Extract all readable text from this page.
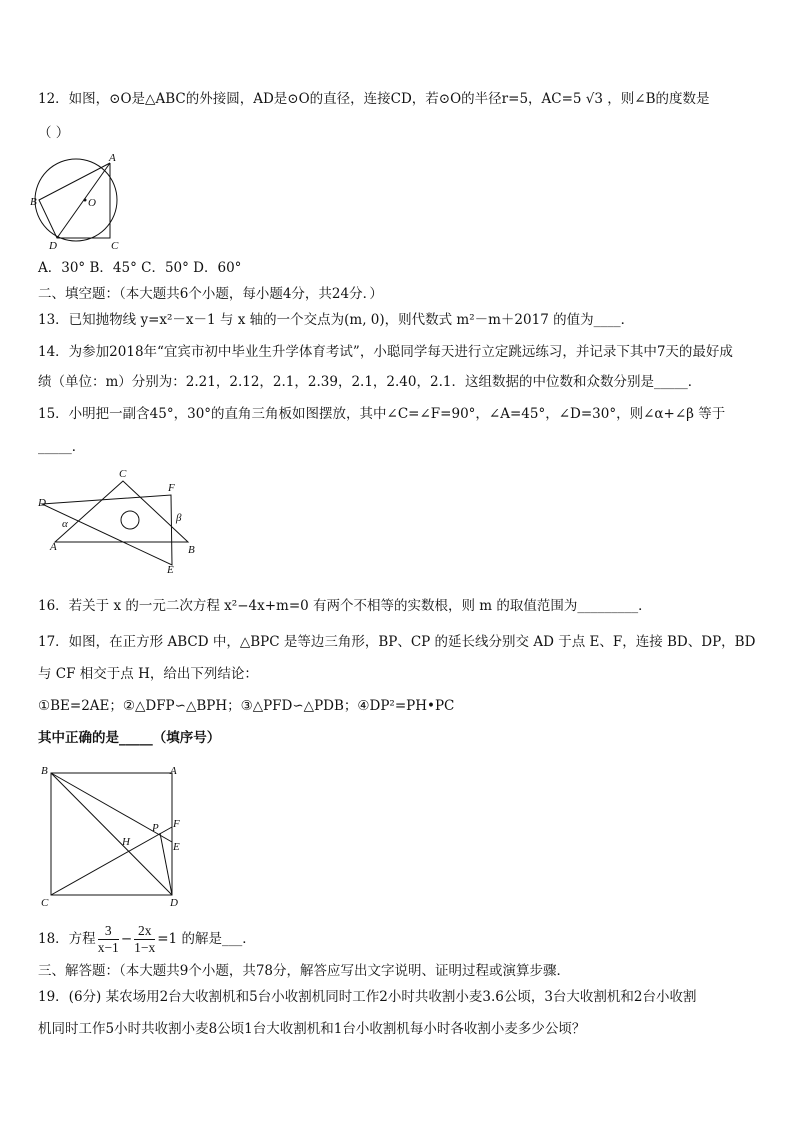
12．如图，⊙O是△ABC的外接圆，AD是⊙O的直径，连接CD，若⊙O的半径r=5，AC=5 √3 ，则∠B的度数是
（ ）
A
B
C
D
O
A．30° B．45° C．50° D．60°
二、填空题：（本大题共6个小题，每小题4分，共24分．）
13．已知抛物线 y=x²－x－1 与 x 轴的一个交点为(m, 0)，则代数式 m²－m＋2017 的值为____．
14．为参加2018年“宜宾市初中毕业生升学体育考试”，小聪同学每天进行立定跳远练习，并记录下其中7天的最好成
绩（单位：m）分别为：2.21，2.12，2.1，2.39，2.1，2.40，2.1．这组数据的中位数和众数分别是_____．
15．小明把一副含45°，30°的直角三角板如图摆放，其中∠C=∠F=90°，∠A=45°，∠D=30°，则∠α+∠β 等于
_____．
C
F
D
α	β
A	B
E
16．若关于 x 的一元二次方程 x²−4x+m=0 有两个不相等的实数根，则 m 的取值范围为_________．
17．如图，在正方形 ABCD 中，△BPC 是等边三角形，BP、CP 的延长线分别交 AD 于点 E、F，连接 BD、DP，BD
与 CF 相交于点 H，给出下列结论：
①BE=2AE；②△DFP∽△BPH；③△PFD∽△PDB；④DP²=PH•PC
其中正确的是_____（填序号）
B	A
P F
H	E
C	D
18．方程 $\frac{3}{x-1} - \frac{2x}{1-x} =1$ 的解是___．
三、解答题：（本大题共9个小题，共78分，解答应写出文字说明、证明过程或演算步骤．
19．(6分) 某农场用2台大收割机和5台小收割机同时工作2小时共收割小麦3.6公顷，3台大收割机和2台小收割
机同时工作5小时共收割小麦8公顷1台大收割机和1台小收割机每小时各收割小麦多少公顷？
